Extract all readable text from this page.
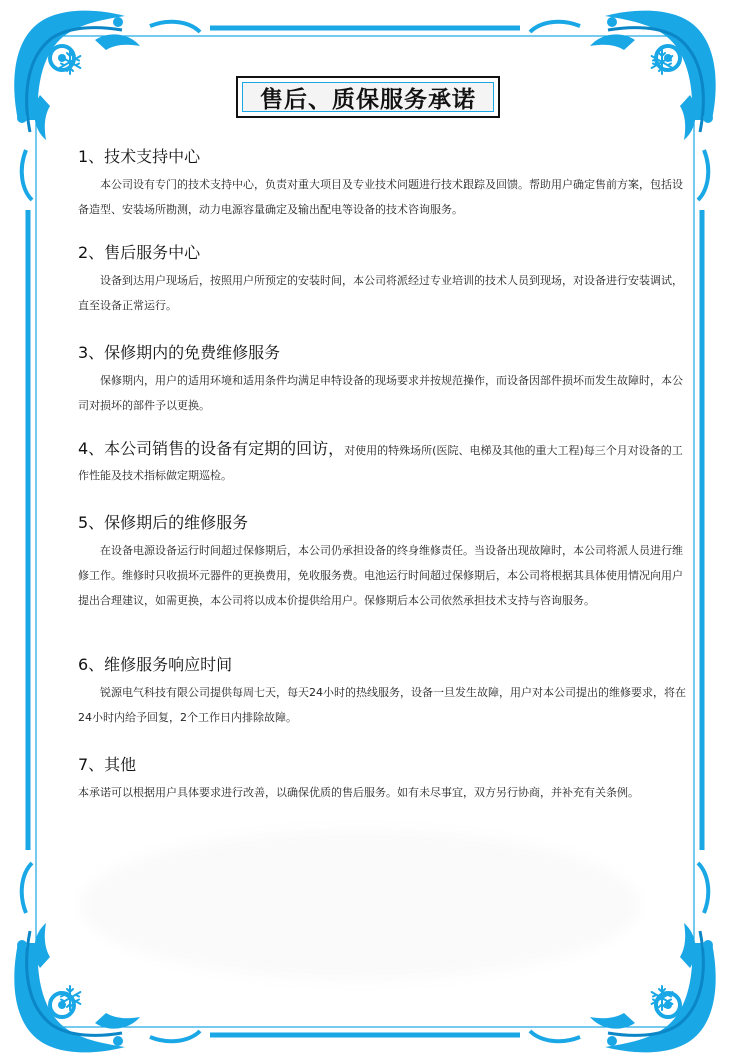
售后、质保服务承诺
1、技术支持中心

本公司设有专门的技术支持中心，负责对重大项目及专业技术问题进行技术跟踪及回馈。帮助用户确定售前方案，包括设备造型、安装场所勘测，动力电源容量确定及输出配电等设备的技术咨询服务。

2、售后服务中心

设备到达用户现场后，按照用户所预定的安装时间，本公司将派经过专业培训的技术人员到现场，对设备进行安装调试，直至设备正常运行。

3、保修期内的免费维修服务

保修期内，用户的适用环境和适用条件均满足申特设备的现场要求并按规范操作，而设备因部件损坏而发生故障时，本公司对损坏的部件予以更换。

4、本公司销售的设备有定期的回访，对使用的特殊场所(医院、电梯及其他的重大工程)每三个月对设备的工作性能及技术指标做定期巡检。

5、保修期后的维修服务

在设备电源设备运行时间超过保修期后，本公司仍承担设备的终身维修责任。当设备出现故障时，本公司将派人员进行维修工作。维修时只收损坏元器件的更换费用，免收服务费。电池运行时间超过保修期后，本公司将根据其具体使用情况向用户提出合理建议，如需更换，本公司将以成本价提供给用户。保修期后本公司依然承担技术支持与咨询服务。

6、维修服务响应时间

锐源电气科技有限公司提供每周七天，每天24小时的热线服务，设备一旦发生故障，用户对本公司提出的维修要求，将在24小时内给予回复，2个工作日内排除故障。

7、其他

本承诺可以根据用户具体要求进行改善，以确保优质的售后服务。如有未尽事宜，双方另行协商，并补充有关条例。
